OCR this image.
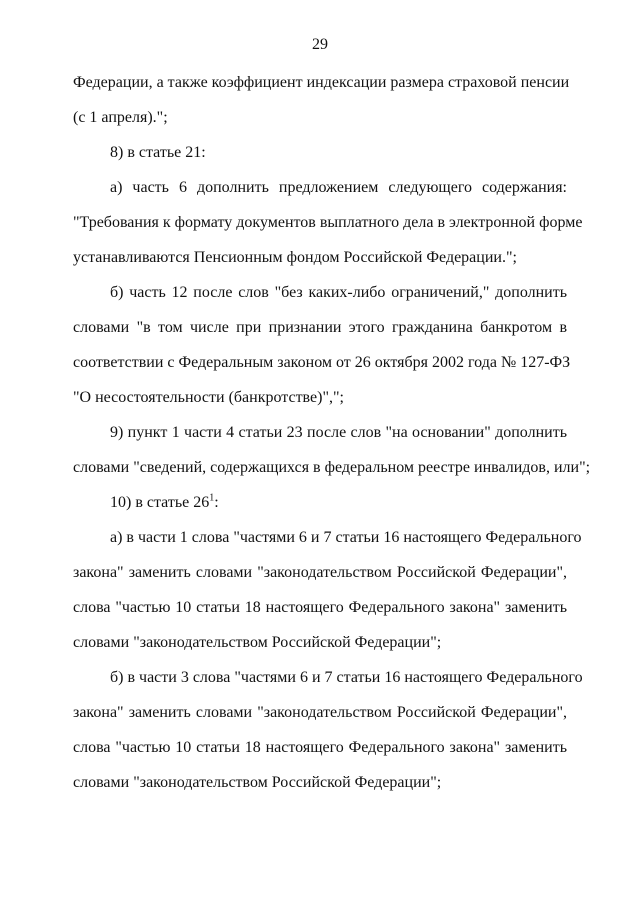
29
Федерации, а также коэффициент индексации размера страховой пенсии
(с 1 апреля).";
8) в статье 21:
а) часть 6 дополнить предложением следующего содержания:
"Требования к формату документов выплатного дела в электронной форме
устанавливаются Пенсионным фондом Российской Федерации.";
б) часть 12 после слов "без каких-либо ограничений," дополнить
словами "в том числе при признании этого гражданина банкротом в
соответствии с Федеральным законом от 26 октября 2002 года № 127-ФЗ
"О несостоятельности (банкротстве)",";
9) пункт 1 части 4 статьи 23 после слов "на основании" дополнить
словами "сведений, содержащихся в федеральном реестре инвалидов, или";
10) в статье $26^1$:
а) в части 1 слова "частями 6 и 7 статьи 16 настоящего Федерального
закона" заменить словами "законодательством Российской Федерации",
слова "частью 10 статьи 18 настоящего Федерального закона" заменить
словами "законодательством Российской Федерации";
б) в части 3 слова "частями 6 и 7 статьи 16 настоящего Федерального
закона" заменить словами "законодательством Российской Федерации",
слова "частью 10 статьи 18 настоящего Федерального закона" заменить
словами "законодательством Российской Федерации";
